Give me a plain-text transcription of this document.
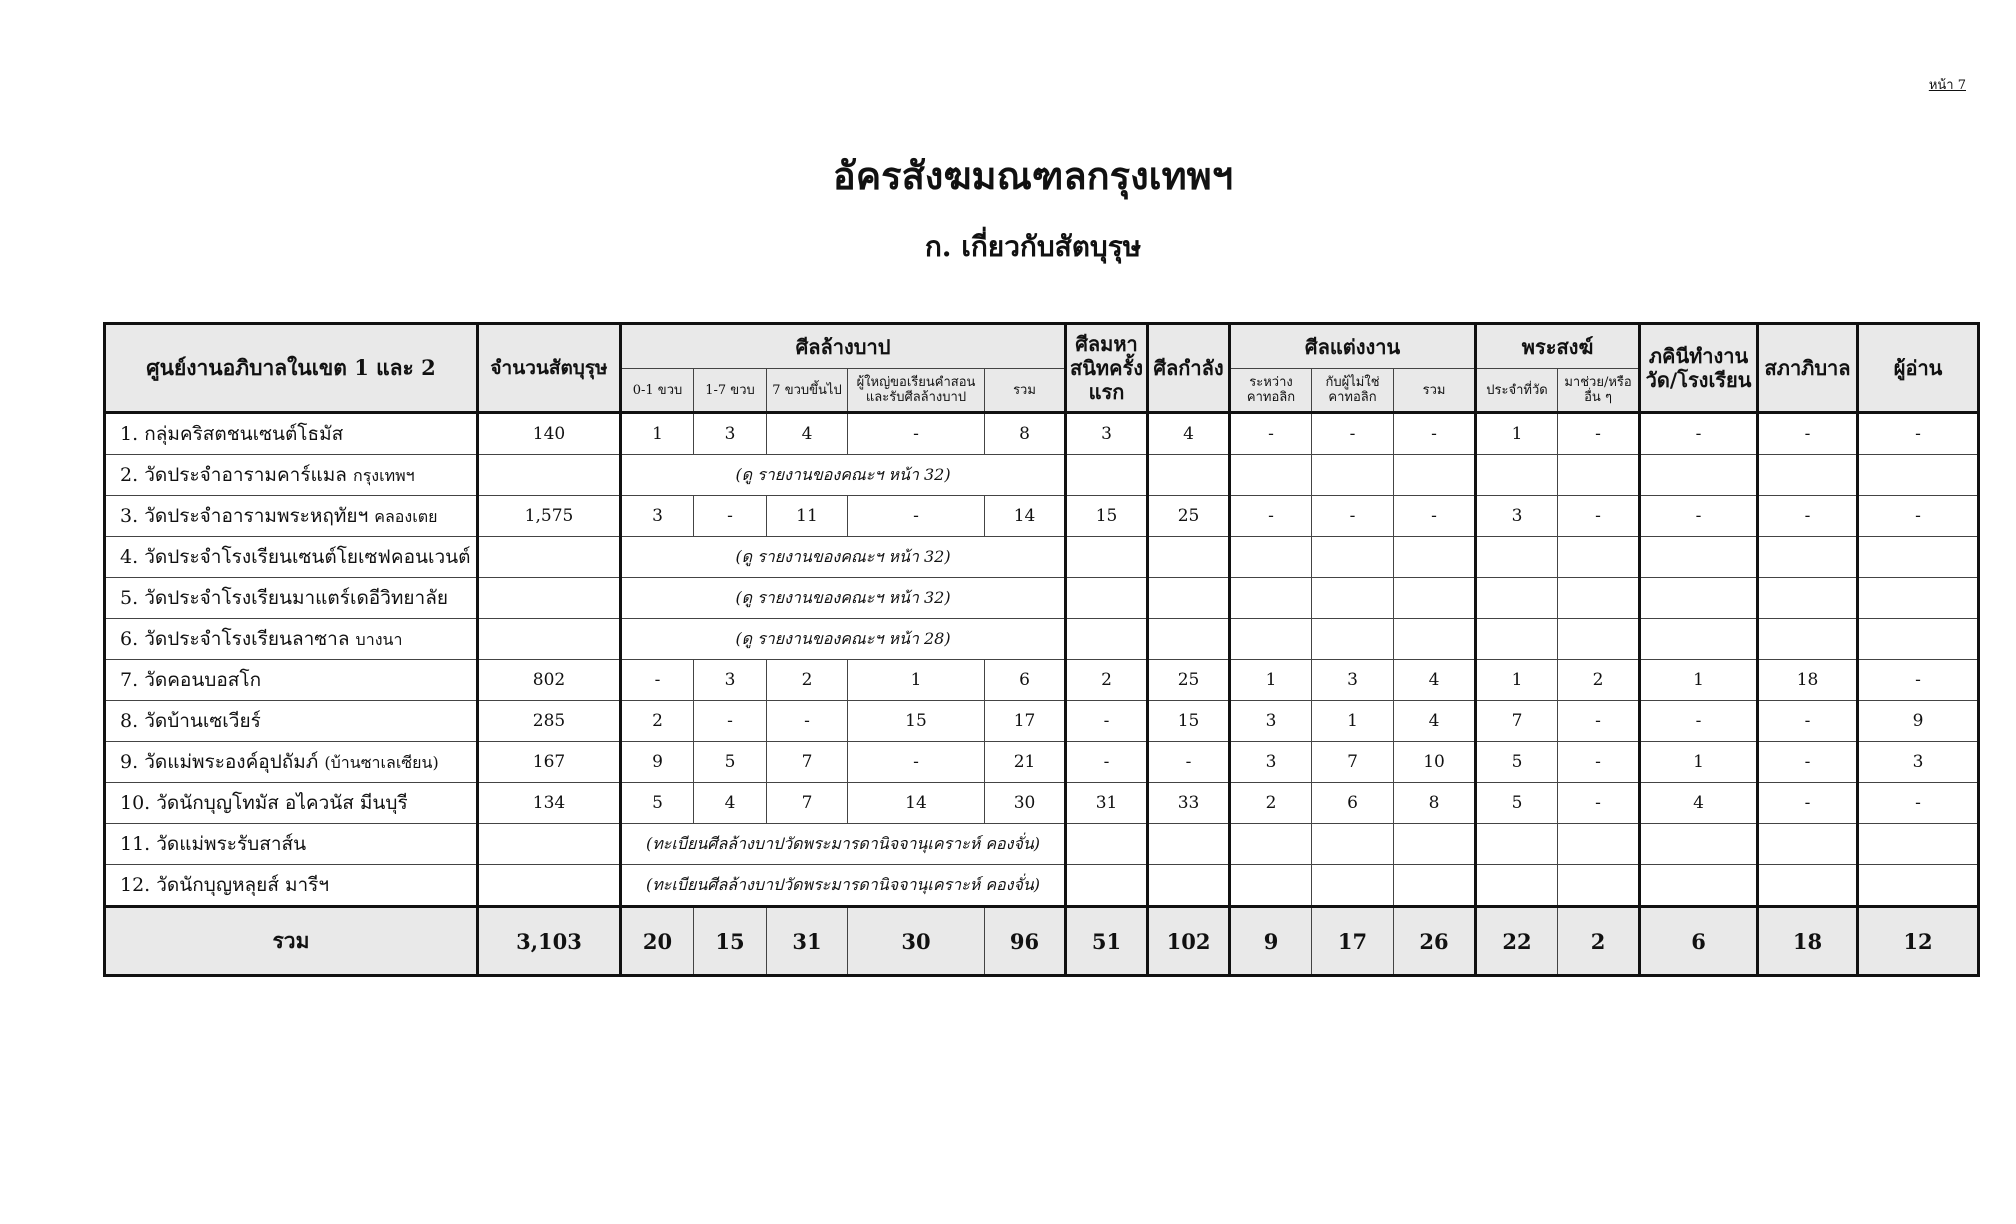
หน้า 7
อัครสังฆมณฑลกรุงเทพฯ
ก. เกี่ยวกับสัตบุรุษ
ศูนย์งานอภิบาลในเขต 1 และ 2	จำนวนสัตบุรุษ	ศีลล้างบาป					ศีลมหาสนิทครั้งแรก	ศีลกำลัง	ศีลแต่งงาน			พระสงฆ์		ภคินีทำงานวัด/โรงเรียน	สภาภิบาล	ผู้อ่าน
		0-1 ขวบ	1-7 ขวบ	7 ขวบขึ้นไป	ผู้ใหญ่ขอเรียนคำสอน และรับศีลล้างบาป	รวม			ระหว่างคาทอลิก	กับผู้ไม่ใช่คาทอลิก	รวม	ประจำที่วัด	มาช่วย/หรืออื่น ๆ			
1. กลุ่มคริสตชนเซนต์โธมัส	140	1	3	4	-	8	3	4	-	-	-	1	-	-	-	-
2. วัดประจำอารามคาร์แมล กรุงเทพฯ		(ดู รายงานของคณะฯ หน้า 32)														
3. วัดประจำอารามพระหฤทัยฯ คลองเตย	1,575	3	-	11	-	14	15	25	-	-	-	3	-	-	-	-
4. วัดประจำโรงเรียนเซนต์โยเซฟคอนเวนต์		(ดู รายงานของคณะฯ หน้า 32)														
5. วัดประจำโรงเรียนมาแตร์เดอีวิทยาลัย		(ดู รายงานของคณะฯ หน้า 32)														
6. วัดประจำโรงเรียนลาซาล บางนา		(ดู รายงานของคณะฯ หน้า 28)														
7. วัดคอนบอสโก	802	-	3	2	1	6	2	25	1	3	4	1	2	1	18	-
8. วัดบ้านเซเวียร์	285	2	-	-	15	17	-	15	3	1	4	7	-	-	-	9
9. วัดแม่พระองค์อุปถัมภ์ (บ้านซาเลเซียน)	167	9	5	7	-	21	-	-	3	7	10	5	-	1	-	3
10. วัดนักบุญโทมัส อไควนัส มีนบุรี	134	5	4	7	14	30	31	33	2	6	8	5	-	4	-	-
11. วัดแม่พระรับสาส์น		(ทะเบียนศีลล้างบาปวัดพระมารดานิจจานุเคราะห์ คองจั่น)														
12. วัดนักบุญหลุยส์ มารีฯ		(ทะเบียนศีลล้างบาปวัดพระมารดานิจจานุเคราะห์ คองจั่น)														
รวม	3,103	20	15	31	30	96	51	102	9	17	26	22	2	6	18	12
